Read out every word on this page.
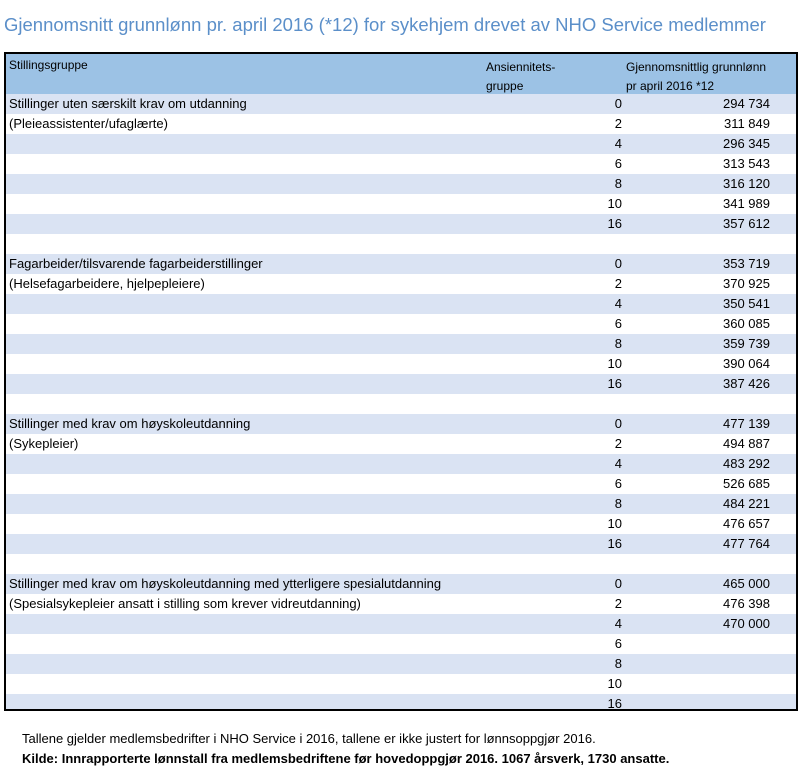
Gjennomsnitt grunnlønn pr. april 2016 (*12) for sykehjem drevet av NHO Service medlemmer
Stillingsgruppe	Ansiennitets-
gruppe
Gjennomsnittlig grunnlønn
pr april 2016 *12
Stillinger uten særskilt krav om utdanning	0	294 734
(Pleieassistenter/ufaglærte)	2	311 849
4	296 345
6	313 543
8	316 120
10	341 989
16	357 612
Fagarbeider/tilsvarende fagarbeiderstillinger	0	353 719
(Helsefagarbeidere, hjelpepleiere)	2	370 925
4	350 541
6	360 085
8	359 739
10	390 064
16	387 426
Stillinger med krav om høyskoleutdanning	0	477 139
(Sykepleier)	2	494 887
4	483 292
6	526 685
8	484 221
10	476 657
16	477 764
Stillinger med krav om høyskoleutdanning med ytterligere spesialutdanning	0	465 000
(Spesialsykepleier ansatt i stilling som krever vidreutdanning)	2	476 398
4	470 000
6
8
10
16
Tallene gjelder medlemsbedrifter i NHO Service i 2016, tallene er ikke justert for lønnsoppgjør 2016.
Kilde: Innrapporterte lønnstall fra medlemsbedriftene før hovedoppgjør 2016. 1067 årsverk, 1730 ansatte.
